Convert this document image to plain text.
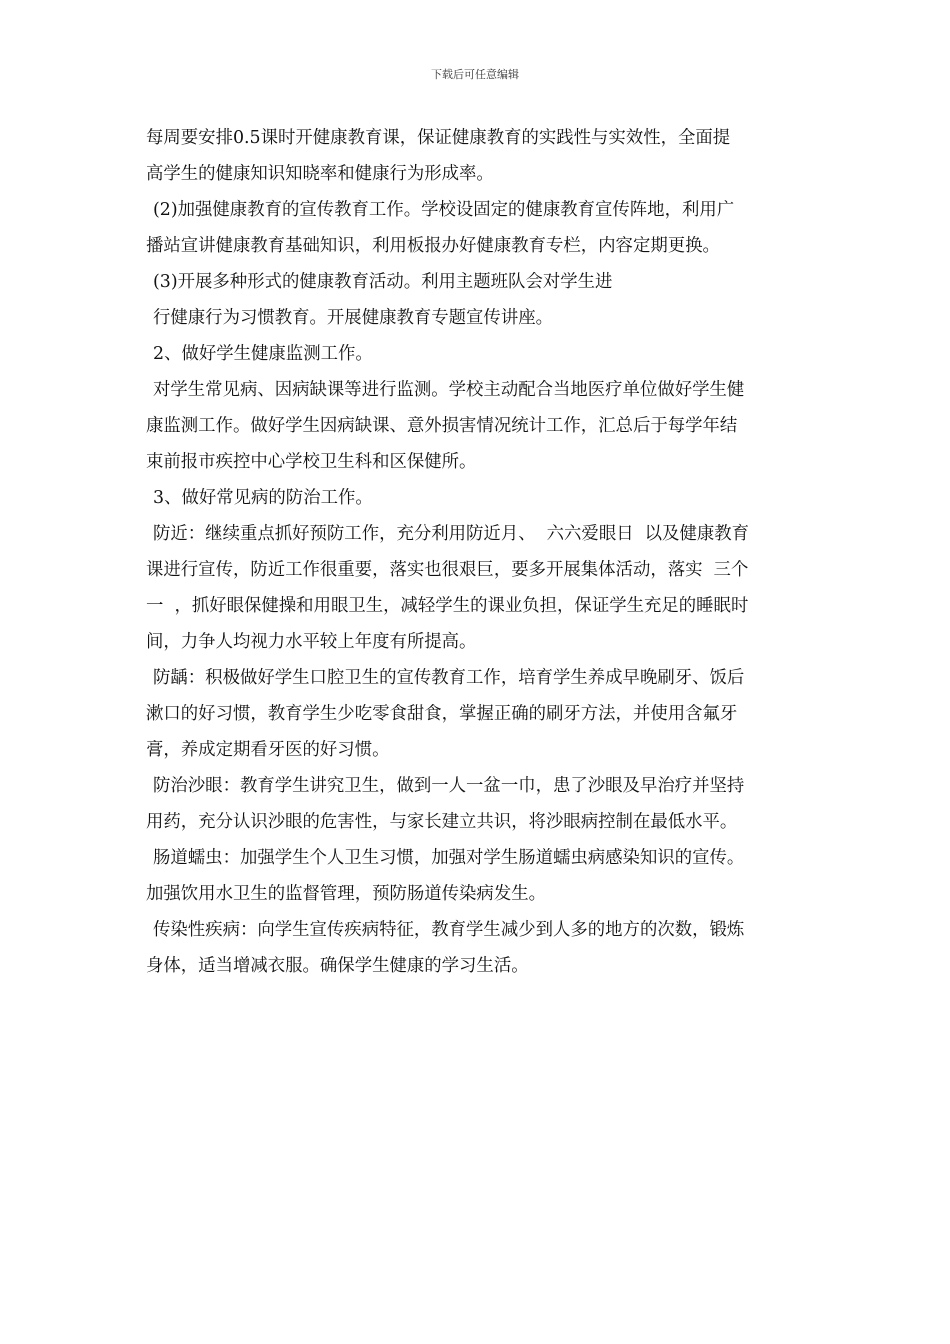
下载后可任意编辑
每周要安排0.5课时开健康教育课，保证健康教育的实践性与实效性，全面提
高学生的健康知识知晓率和健康行为形成率。
(2)加强健康教育的宣传教育工作。学校设固定的健康教育宣传阵地，利用广
播站宣讲健康教育基础知识，利用板报办好健康教育专栏，内容定期更换。
(3)开展多种形式的健康教育活动。利用主题班队会对学生进
行健康行为习惯教育。开展健康教育专题宣传讲座。
2、做好学生健康监测工作。
对学生常见病、因病缺课等进行监测。学校主动配合当地医疗单位做好学生健
康监测工作。做好学生因病缺课、意外损害情况统计工作，汇总后于每学年结
束前报市疾控中心学校卫生科和区保健所。
3、做好常见病的防治工作。
防近：继续重点抓好预防工作，充分利用防近月、  六六爱眼日  以及健康教育
课进行宣传，防近工作很重要，落实也很艰巨，要多开展集体活动，落实  三个
一  ，抓好眼保健操和用眼卫生，减轻学生的课业负担，保证学生充足的睡眠时
间，力争人均视力水平较上年度有所提高。
防龋：积极做好学生口腔卫生的宣传教育工作，培育学生养成早晚刷牙、饭后
漱口的好习惯，教育学生少吃零食甜食，掌握正确的刷牙方法，并使用含氟牙
膏，养成定期看牙医的好习惯。
防治沙眼：教育学生讲究卫生，做到一人一盆一巾，患了沙眼及早治疗并坚持
用药，充分认识沙眼的危害性，与家长建立共识，将沙眼病控制在最低水平。
肠道蠕虫：加强学生个人卫生习惯，加强对学生肠道蠕虫病感染知识的宣传。
加强饮用水卫生的监督管理，预防肠道传染病发生。
传染性疾病：向学生宣传疾病特征，教育学生减少到人多的地方的次数，锻炼
身体，适当增减衣服。确保学生健康的学习生活。
